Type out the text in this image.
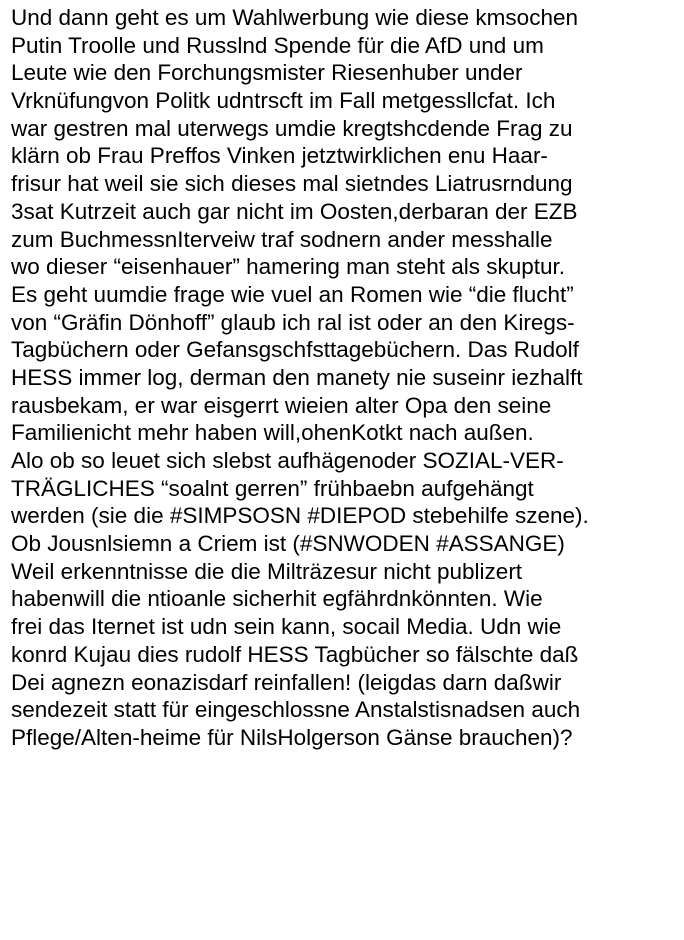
Und dann geht es um Wahlwerbung wie diese kmsochen
Putin Troolle und Russlnd Spende für die AfD und um
Leute wie den Forchungsmister Riesenhuber under
Vrknüfungvon Politk udntrscft im Fall metgessllcfat. Ich
war gestren mal uterwegs umdie kregtshcdende Frag zu
klärn ob Frau Preffos Vinken jetztwirklichen enu Haar-
frisur hat weil sie sich dieses mal sietndes Liatrusrndung
3sat Kutrzeit auch gar nicht im Oosten,derbaran der EZB
zum BuchmessnIterveiw traf sodnern ander messhalle
wo dieser “eisenhauer” hamering man steht als skuptur.
Es geht uumdie frage wie vuel an Romen wie “die flucht”
von “Gräfin Dönhoff” glaub ich ral ist oder an den Kiregs-
Tagbüchern oder Gefansgschfsttagebüchern. Das Rudolf
HESS immer log, derman den manety nie suseinr iezhalft
rausbekam, er war eisgerrt wieien alter Opa den seine
Familienicht mehr haben will,ohenKotkt nach außen.
Alo ob so leuet sich slebst aufhägenoder SOZIAL-VER-
TRÄGLICHES “soalnt gerren” frühbaebn aufgehängt
werden (sie die #SIMPSOSN #DIEPOD stebehilfe szene).
Ob Jousnlsiemn a Criem ist (#SNWODEN #ASSANGE)
Weil erkenntnisse die die Milträzesur nicht publizert
habenwill die ntioanle sicherhit egfährdnkönnten. Wie
frei das Iternet ist udn sein kann, socail Media. Udn wie
konrd Kujau dies rudolf HESS Tagbücher so fälschte daß
Dei agnezn eonazisdarf reinfallen! (leigdas darn daßwir
sendezeit statt für eingeschlossne Anstalstisnadsen auch
Pflege/Alten-heime für NilsHolgerson Gänse brauchen)?
